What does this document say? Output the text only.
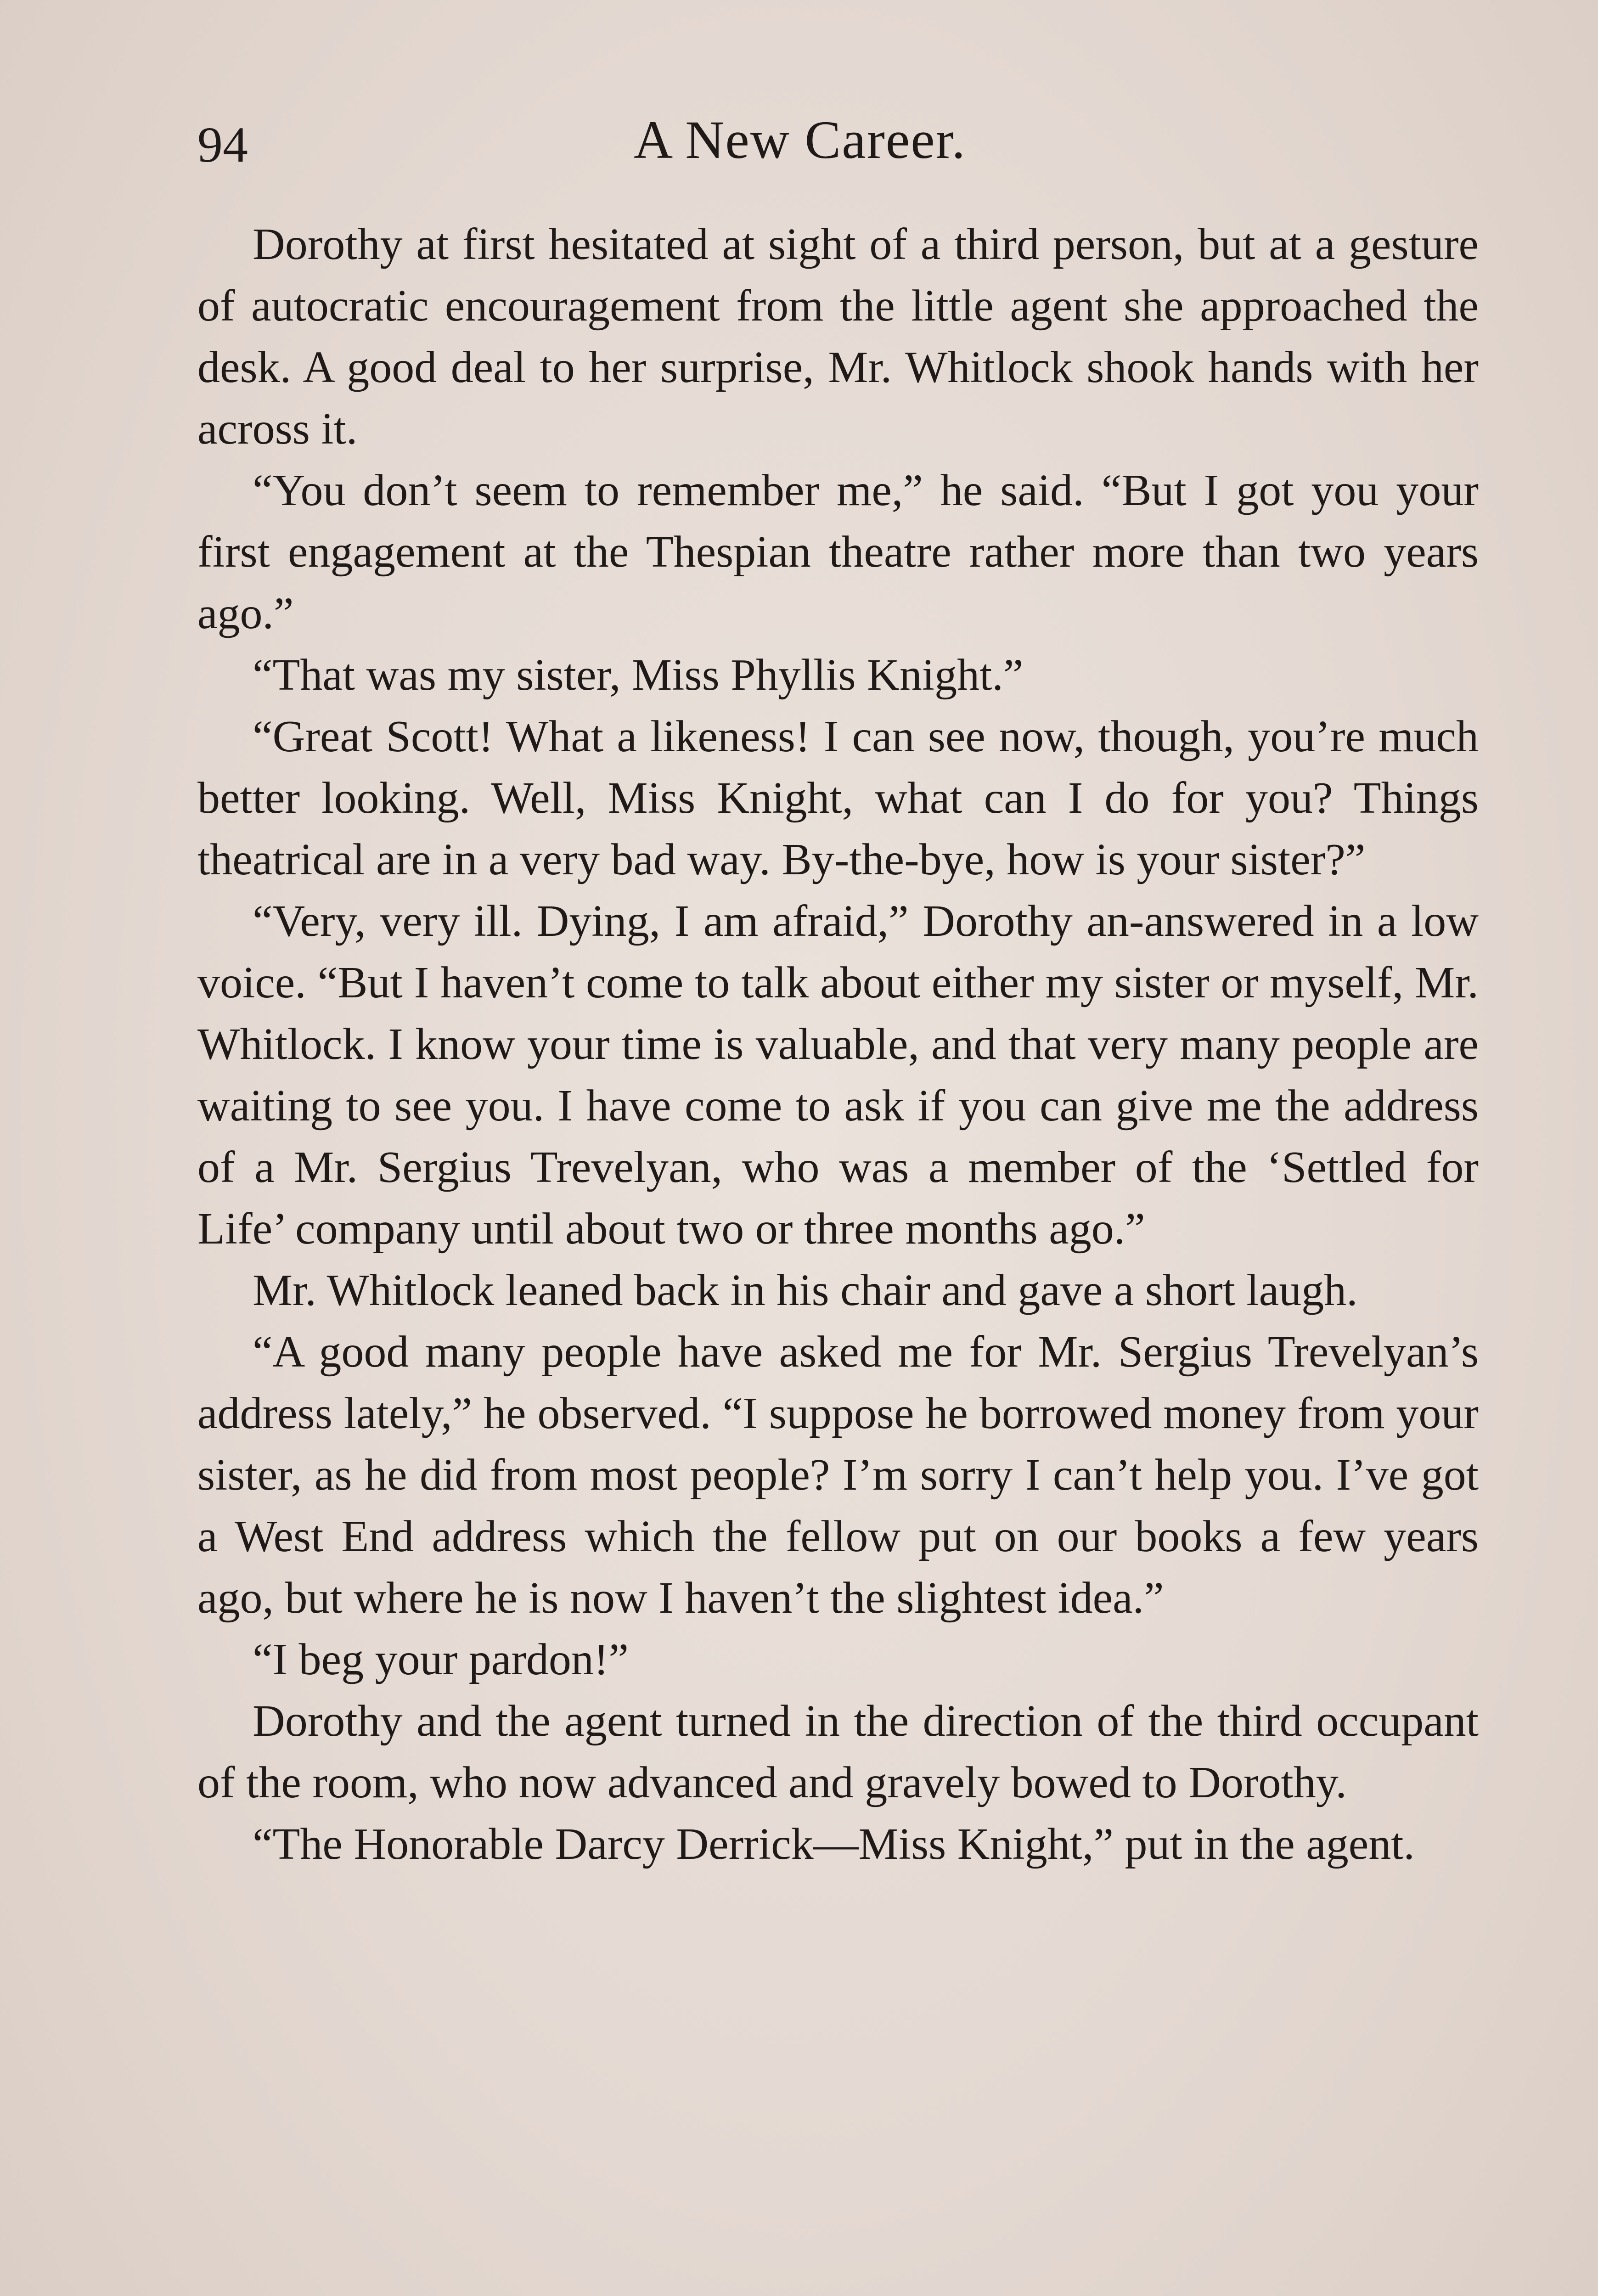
94	A New Career.

Dorothy at first hesitated at sight of a third person, but at a gesture of autocratic encouragement from the little agent she approached the desk. A good deal to her surprise, Mr. Whitlock shook hands with her across it.

“You don’t seem to remember me,” he said. “But I got you your first engagement at the Thespian theatre rather more than two years ago.”

“That was my sister, Miss Phyllis Knight.”

“Great Scott! What a likeness! I can see now, though, you’re much better looking. Well, Miss Knight, what can I do for you? Things theatrical are in a very bad way. By-the-bye, how is your sister?”

“Very, very ill. Dying, I am afraid,” Dorothy an-answered in a low voice. “But I haven’t come to talk about either my sister or myself, Mr. Whitlock. I know your time is valuable, and that very many people are waiting to see you. I have come to ask if you can give me the address of a Mr. Sergius Trevelyan, who was a member of the ‘Settled for Life’ company until about two or three months ago.”

Mr. Whitlock leaned back in his chair and gave a short laugh.

“A good many people have asked me for Mr. Sergius Trevelyan’s address lately,” he observed. “I suppose he borrowed money from your sister, as he did from most people? I’m sorry I can’t help you. I’ve got a West End address which the fellow put on our books a few years ago, but where he is now I haven’t the slightest idea.”

“I beg your pardon!”

Dorothy and the agent turned in the direction of the third occupant of the room, who now advanced and gravely bowed to Dorothy.

“The Honorable Darcy Derrick—Miss Knight,” put in the agent.
